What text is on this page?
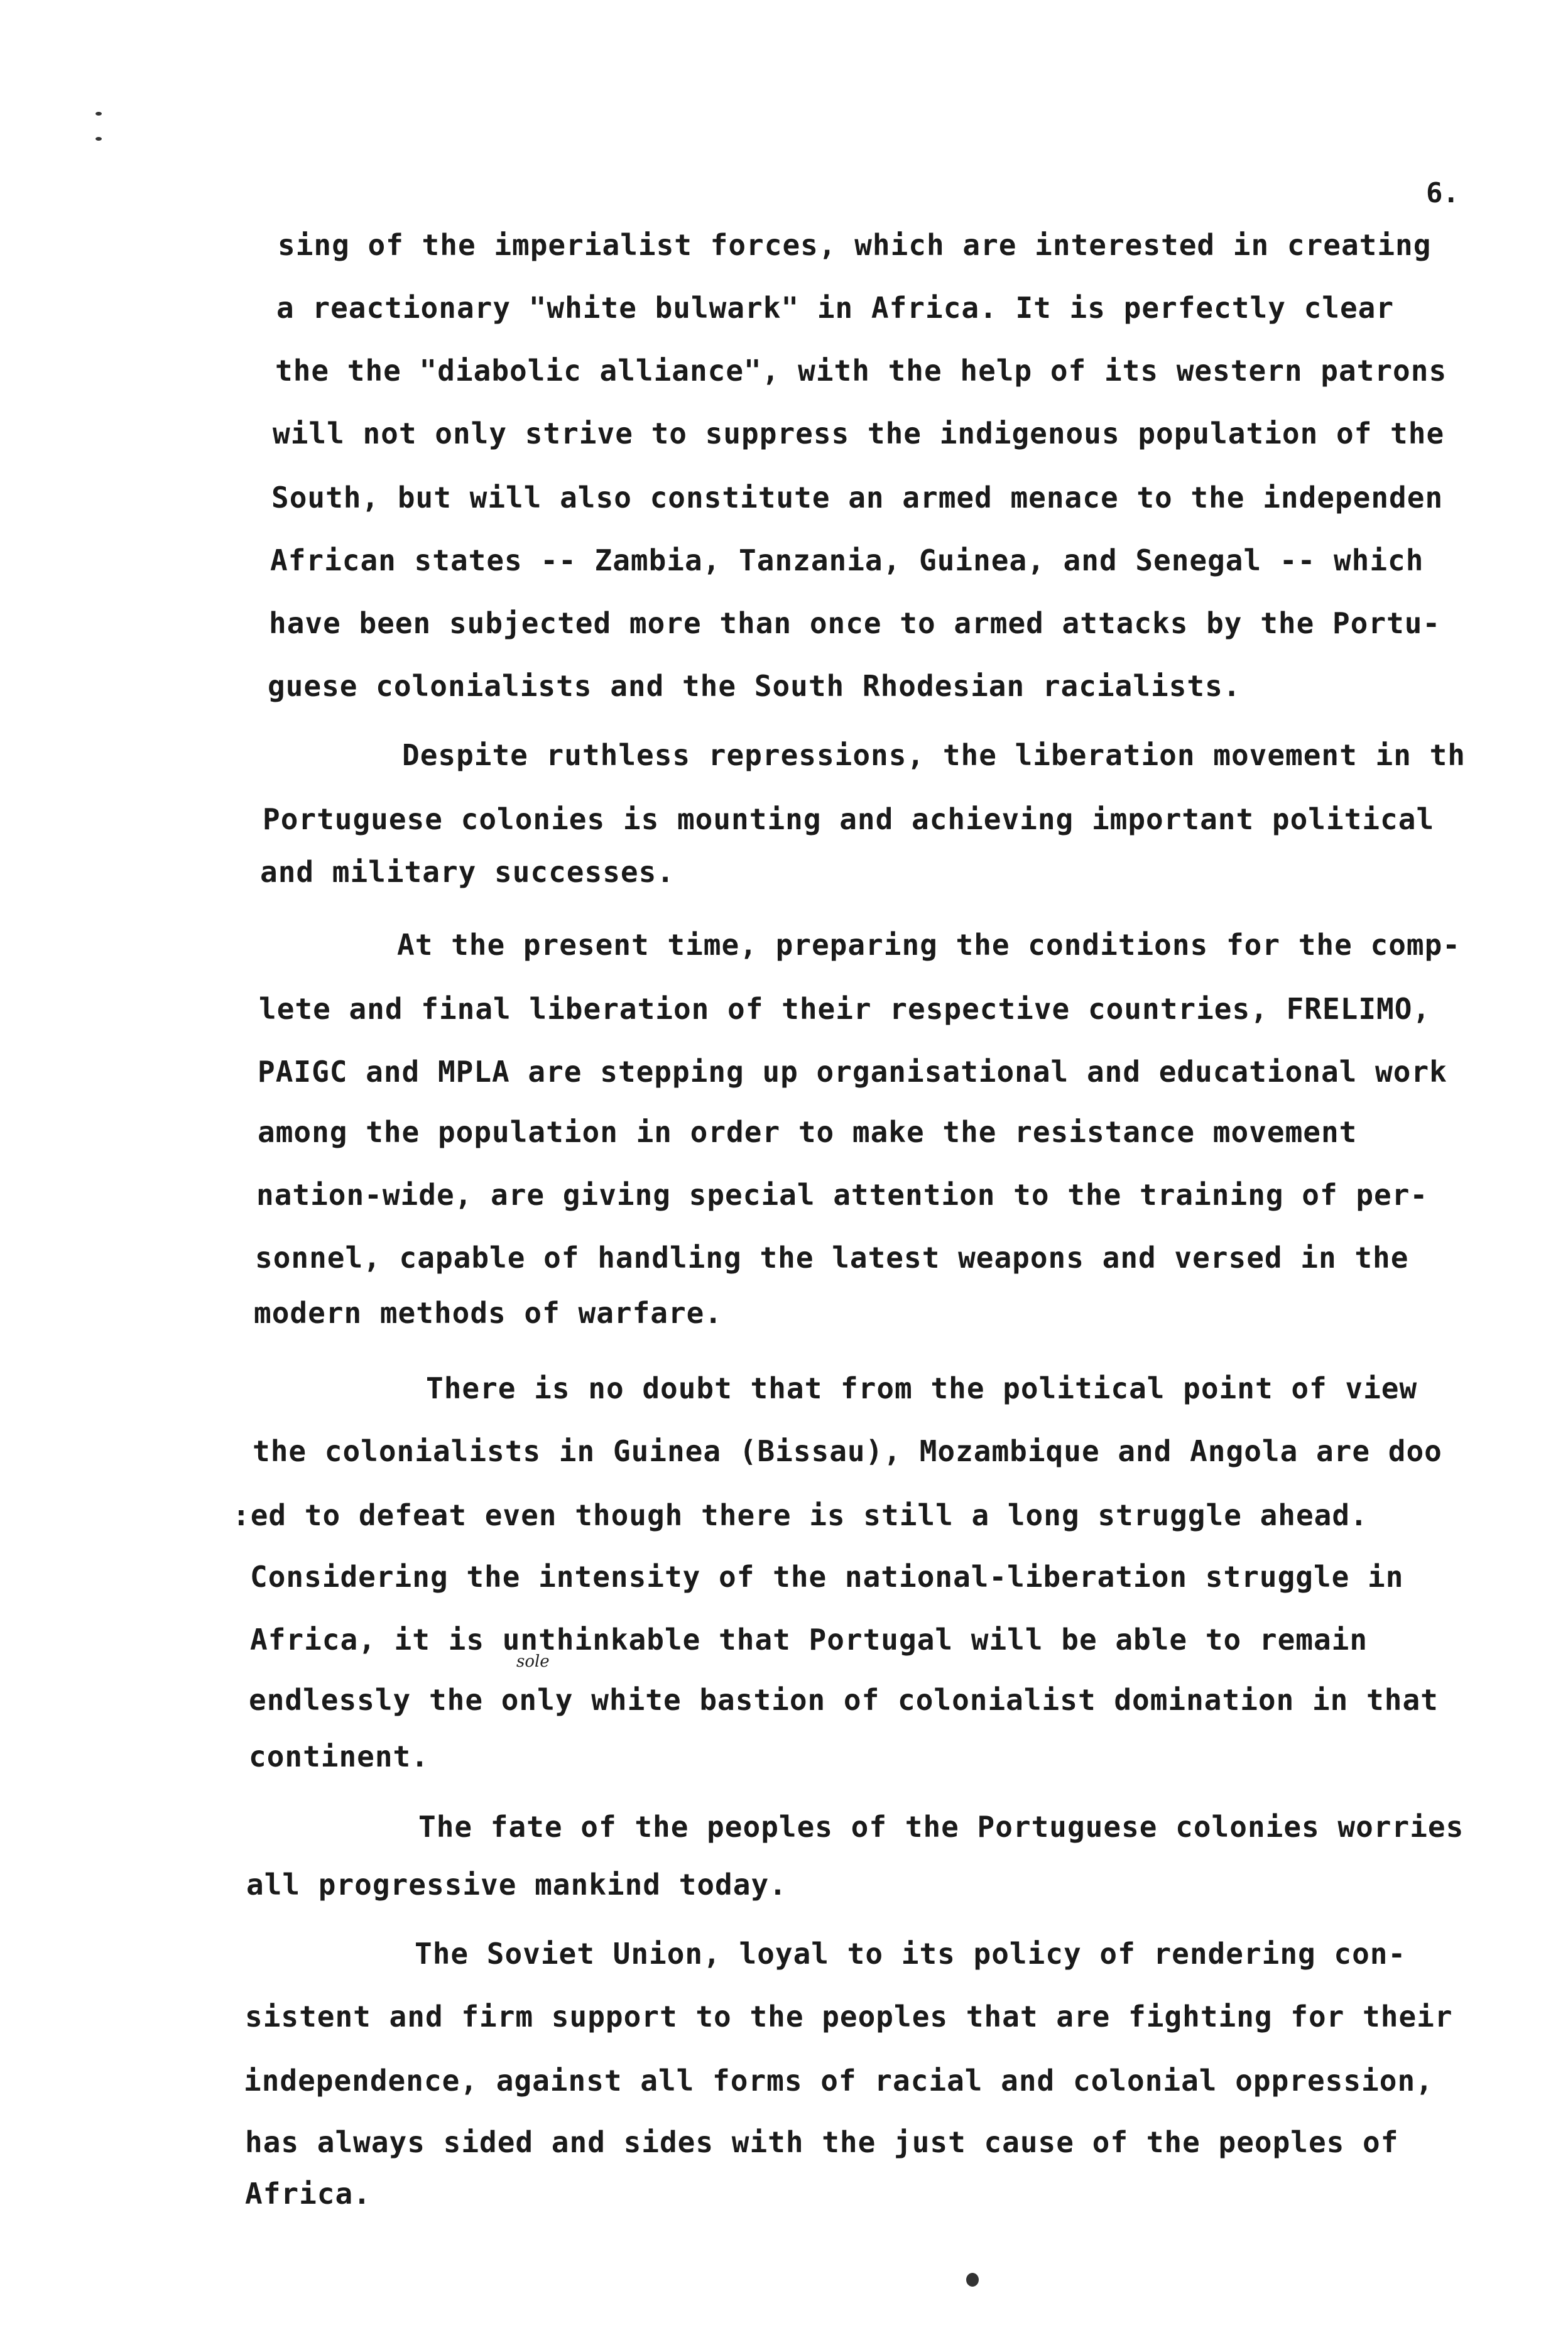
6.
sing of the imperialist forces, which are interested in creating
a reactionary "white bulwark" in Africa. It is perfectly clear
the the "diabolic alliance", with the help of its western patrons
will not only strive to suppress the indigenous population of the
South, but will also constitute an armed menace to the independen
African states -- Zambia, Tanzania, Guinea, and Senegal -- which
have been subjected more than once to armed attacks by the Portu-
guese colonialists and the South Rhodesian racialists.
Despite ruthless repressions, the liberation movement in th
Portuguese colonies is mounting and achieving important political
and military successes.
At the present time, preparing the conditions for the comp-
lete and final liberation of their respective countries, FRELIMO,
PAIGC and MPLA are stepping up organisational and educational work
among the population in order to make the resistance movement
nation-wide, are giving special attention to the training of per-
sonnel, capable of handling the latest weapons and versed in the
modern methods of warfare.
There is no doubt that from the political point of view
the colonialists in Guinea (Bissau), Mozambique and Angola are doo
:ed to defeat even though there is still a long struggle ahead.
Considering the intensity of the national-liberation struggle in
Africa, it is unthinkable that Portugal will be able to remain
sole
endlessly the only white bastion of colonialist domination in that
continent.
The fate of the peoples of the Portuguese colonies worries
all progressive mankind today.
The Soviet Union, loyal to its policy of rendering con-
sistent and firm support to the peoples that are fighting for their
independence, against all forms of racial and colonial oppression,
has always sided and sides with the just cause of the peoples of
Africa.
